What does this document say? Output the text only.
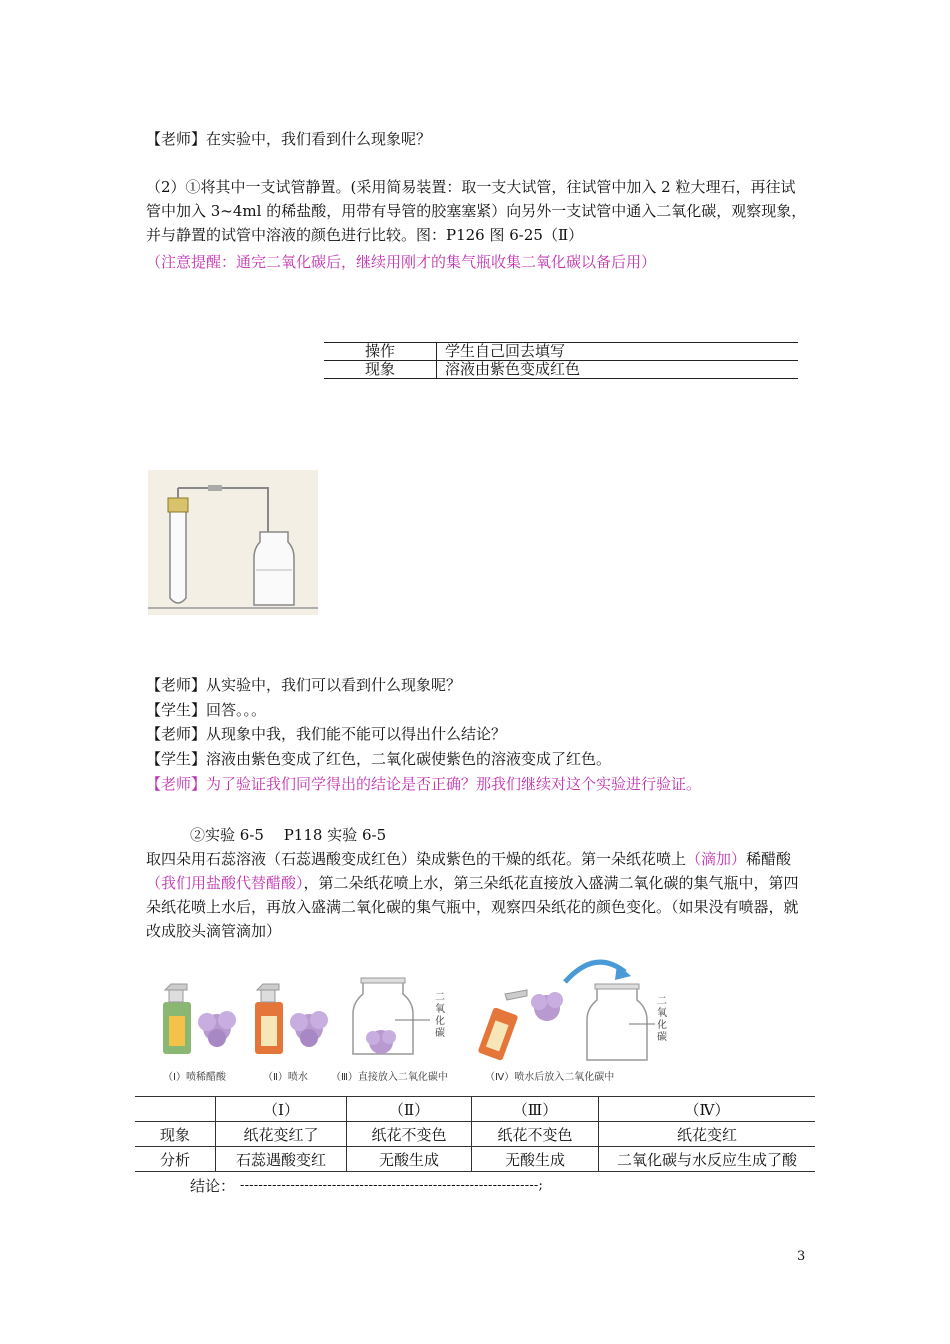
【老师】在实验中，我们看到什么现象呢？
（2）①将其中一支试管静置。(采用简易装置：取一支大试管，往试管中加入 2 粒大理石，再往试管中加入 3~4ml 的稀盐酸，用带有导管的胶塞塞紧）向另外一支试管中通入二氧化碳，观察现象，并与静置的试管中溶液的颜色进行比较。图：P126 图 6-25（Ⅱ）
（注意提醒：通完二氧化碳后，继续用刚才的集气瓶收集二氧化碳以备后用）
操作	学生自己回去填写
现象	溶液由紫色变成红色
【老师】从实验中，我们可以看到什么现象呢？
【学生】回答。。。
【老师】从现象中我，我们能不能可以得出什么结论？
【学生】溶液由紫色变成了红色，二氧化碳使紫色的溶液变成了红色。
【老师】为了验证我们同学得出的结论是否正确？那我们继续对这个实验进行验证。
②实验 6-5　 P118 实验 6-5
取四朵用石蕊溶液（石蕊遇酸变成红色）染成紫色的干燥的纸花。第一朵纸花喷上（滴加）稀醋酸（我们用盐酸代替醋酸），第二朵纸花喷上水，第三朵纸花直接放入盛满二氧化碳的集气瓶中，第四朵纸花喷上水后，再放入盛满二氧化碳的集气瓶中，观察四朵纸花的颜色变化。（如果没有喷器，就改成胶头滴管滴加）
（Ⅰ）喷稀醋酸	（Ⅱ）喷水 （Ⅲ）直接放入二氧化碳中	（Ⅳ）喷水后放入二氧化碳中
二氧化碳
二氧化碳
	（Ⅰ）	（Ⅱ）	（Ⅲ）	（Ⅳ）
现象	纸花变红了	纸花不变色	纸花不变色	纸花变红
分析	石蕊遇酸变红	无酸生成	无酸生成	二氧化碳与水反应生成了酸
结论： -----------------------------------------------------------------;
3
